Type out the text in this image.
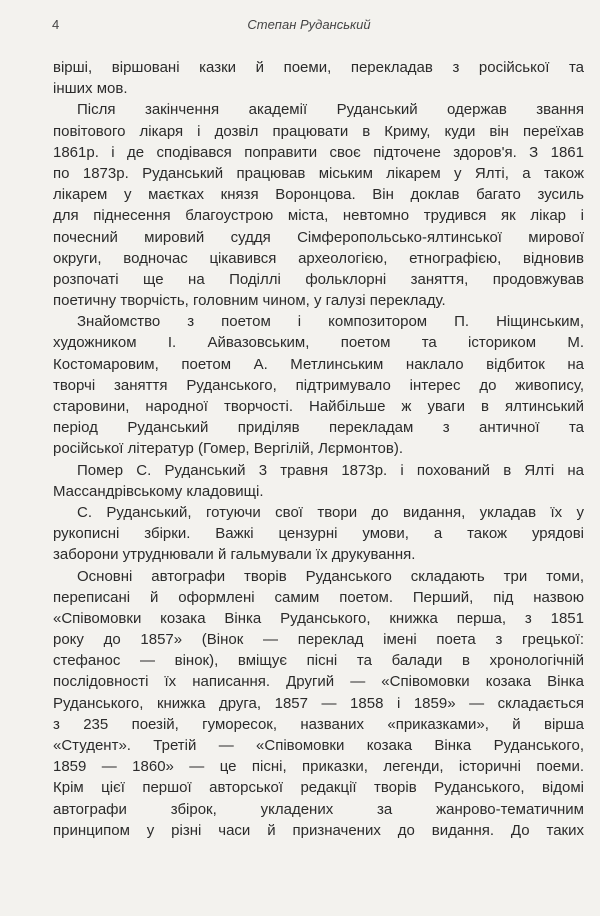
4	Степан Руданський
вірші, віршовані казки й поеми, перекладав з російської та
інших мов.
Після закінчення академії Руданський одержав звання
повітового лікаря і дозвіл працювати в Криму, куди він переїхав
1861р. і де сподівався поправити своє підточене здоров'я. З 1861
по 1873р. Руданський працював міським лікарем у Ялті, а також
лікарем у маєтках князя Воронцова. Він доклав багато зусиль
для піднесення благоустрою міста, невтомно трудився як лікар і
почесний мировий суддя Сімферопольсько-ялтинської мирової
округи, водночас цікавився археологією, етнографією, відновив
розпочаті ще на Поділлі фольклорні заняття, продовжував
поетичну творчість, головним чином, у галузі перекладу.
Знайомство з поетом і композитором П. Ніщинським,
художником І. Айвазовським, поетом та істориком М.
Костомаровим, поетом А. Метлинським наклало відбиток на
творчі заняття Руданського, підтримувало інтерес до живопису,
старовини, народної творчості. Найбільше ж уваги в ялтинський
період Руданський приділяв перекладам з античної та
російської літератур (Гомер, Вергілій, Лєрмонтов).
Помер С. Руданський 3 травня 1873р. і похований в Ялті на
Массандрівському кладовищі.
С. Руданський, готуючи свої твори до видання, укладав їх у
рукописні збірки. Важкі цензурні умови, а також урядові
заборони утруднювали й гальмували їх друкування.
Основні автографи творів Руданського складають три томи,
переписані й оформлені самим поетом. Перший, під назвою
«Співомовки козака Вінка Руданського, книжка перша, з 1851
року до 1857» (Вінок — переклад імені поета з грецької:
стефанос — вінок), вміщує пісні та балади в хронологічній
послідовності їх написання. Другий — «Співомовки козака Вінка
Руданського, книжка друга, 1857 — 1858 і 1859» — складається
з 235 поезій, гуморесок, названих «приказками», й вірша
«Студент». Третій — «Співомовки козака Вінка Руданського,
1859 — 1860» — це пісні, приказки, легенди, історичні поеми.
Крім цієї першої авторської редакції творів Руданського, відомі
автографи збірок, укладених за жанрово-тематичним
принципом у різні часи й призначених до видання. До таких
